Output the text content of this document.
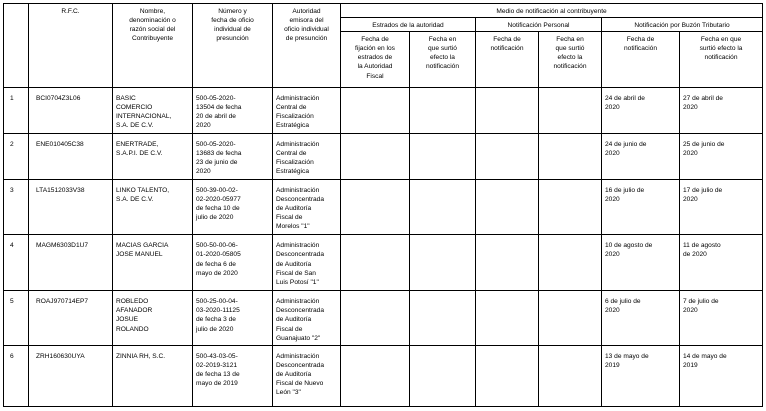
	R.F.C.	Nombre,
denominación o
razón social del
Contribuyente	Número y
fecha de oficio
individual de
presunción	Autoridad
emisora del
oficio individual
de presunción	Medio de notificación al contribuyente					
					Estrados de la autoridad		Notificación Personal		Notificación por Buzón Tributario	
					Fecha de
fijación en los
estrados de
la Autoridad
Fiscal	Fecha en
que surtió
efecto la
notificación	Fecha de
notificación	Fecha en
que surtió
efecto la
notificación	Fecha de
notificación	Fecha en que
surtió efecto la
notificación
1	BCI0704Z3L06	BASIC
COMERCIO
INTERNACIONAL,
S.A. DE C.V.	500-05-2020-
13504 de fecha
20 de abril de
2020	Administración
Central de
Fiscalización
Estratégica					24 de abril de
2020	27 de abril de
2020
2	ENE010405C38	ENERTRADE,
S.A.P.I. DE C.V.	500-05-2020-
13683 de fecha
23 de junio de
2020	Administración
Central de
Fiscalización
Estratégica					24 de junio de
2020	25 de junio de
2020
3	LTA1512033V38	LINKO TALENTO,
S.A. DE C.V.	500-39-00-02-
02-2020-05977
de fecha 10 de
julio de 2020	Administración
Desconcentrada
de Auditoría
Fiscal de
Morelos "1"					16 de julio de
2020	17 de julio de
2020
4	MAGM6303D1U7	MACIAS GARCIA
JOSE MANUEL	500-50-00-06-
01-2020-05805
de fecha 6 de
mayo de 2020	Administración
Desconcentrada
de Auditoría
Fiscal de San
Luis Potosí "1"					10 de agosto de
2020	11 de agosto
de 2020
5	ROAJ970714EP7	ROBLEDO
AFANADOR
JOSUE
ROLANDO	500-25-00-04-
03-2020-11125
de fecha 3 de
julio de 2020	Administración
Desconcentrada
de Auditoría
Fiscal de
Guanajuato "2"					6 de julio de
2020	7 de julio de
2020
6	ZRH160630UYA	ZINNIA RH, S.C.	500-43-03-05-
02-2019-3121
de fecha 13 de
mayo de 2019	Administración
Desconcentrada
de Auditoría
Fiscal de Nuevo
León "3"					13 de mayo de
2019	14 de mayo de
2019
